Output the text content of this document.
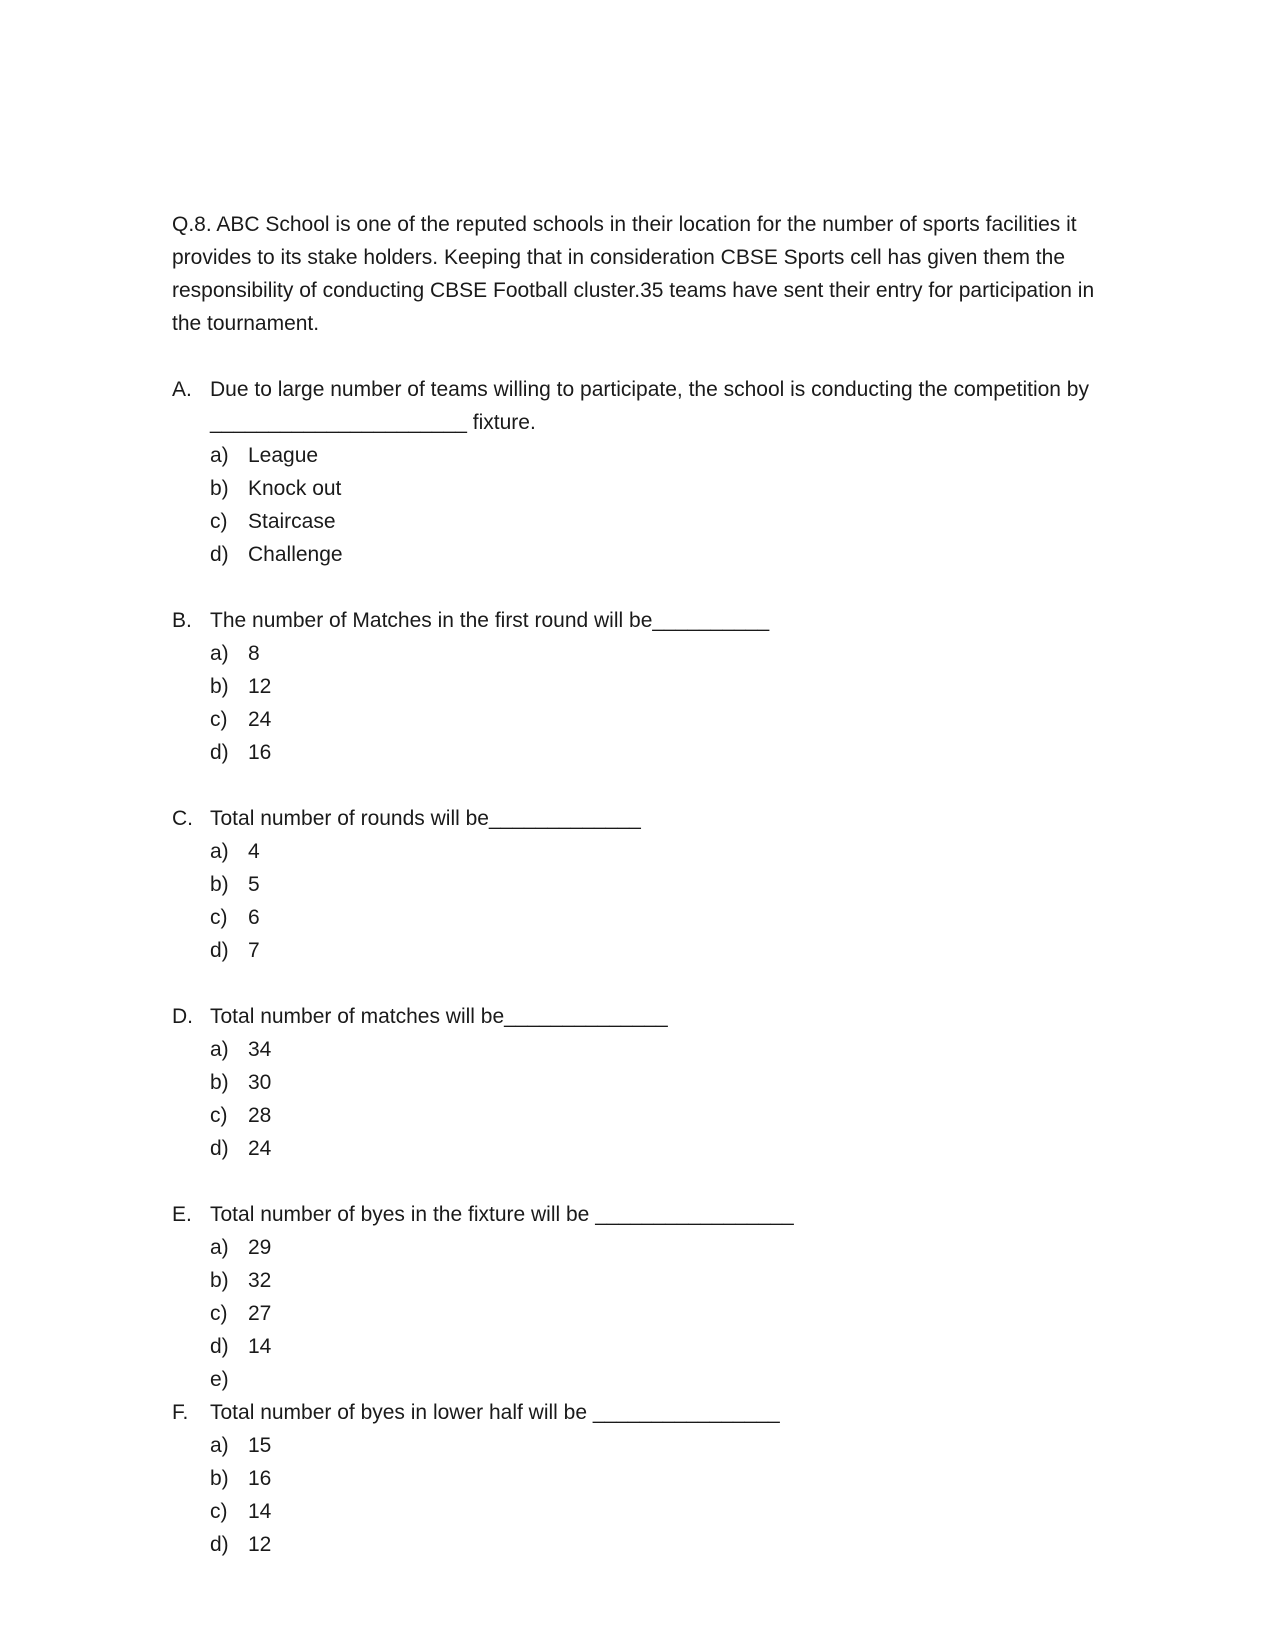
Q.8. ABC School is one of the reputed schools in their location for the number of sports facilities it provides to its stake holders. Keeping that in consideration CBSE Sports cell has given them the responsibility of conducting CBSE Football cluster.35 teams have sent their entry for participation in the tournament.

A. Due to large number of teams willing to participate, the school is conducting the competition by ______________________ fixture.

a) League
b) Knock out
c) Staircase
d) Challenge
B. The number of Matches in the first round will be__________

a) 8
b) 12
c) 24
d) 16
C. Total number of rounds will be_____________

a) 4
b) 5
c) 6
d) 7
D. Total number of matches will be______________

a) 34
b) 30
c) 28
d) 24
E. Total number of byes in the fixture will be _________________

a) 29
b) 32
c) 27
d) 14
e)
F.	Total number of byes in lower half will be ________________

a) 15
b) 16
c) 14
d) 12
